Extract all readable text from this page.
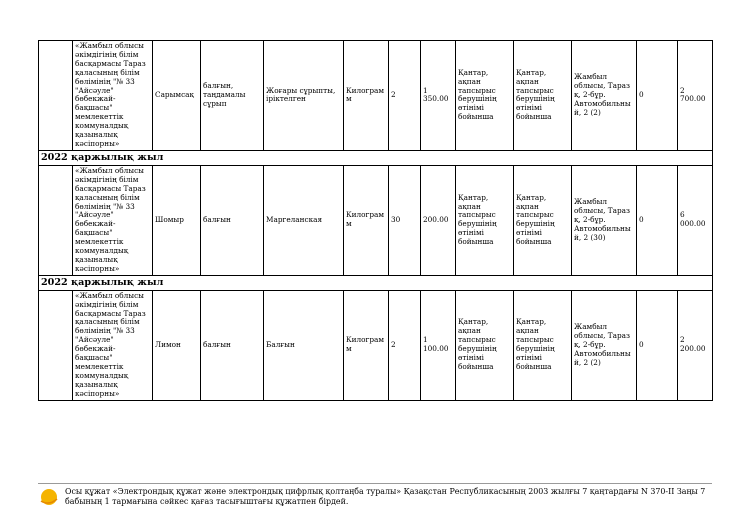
	«Жамбыл облысы әкімдігінің білім басқармасы Тараз қаласының білім бөлімінің "№ 33 "Айсәуле" бөбекжай-бақшасы" мемлекеттік коммуналдық қазыналық кәсіпорны»	Сарымсақ	балғын, таңдамалы сұрып	Жоғары сұрыпты, іріктелген	Килограмм	2	1 350.00	Қантар, ақпан тапсырыс берушінің өтінімі бойынша	Қантар, ақпан тапсырыс берушінің өтінімі бойынша	Жамбыл облысы, Тараз қ, 2-бұр. Автомобильный, 2 (2)	0	2 700.00
2022 қаржылық жыл												
	«Жамбыл облысы әкімдігінің білім басқармасы Тараз қаласының білім бөлімінің "№ 33 "Айсәуле" бөбекжай-бақшасы" мемлекеттік коммуналдық қазыналық кәсіпорны»	Шомыр	балғын	Маргеланская	Килограмм	30	200.00	Қантар, ақпан тапсырыс берушінің өтінімі бойынша	Қантар, ақпан тапсырыс берушінің өтінімі бойынша	Жамбыл облысы, Тараз қ, 2-бұр. Автомобильный, 2 (30)	0	6 000.00
2022 қаржылық жыл												
	«Жамбыл облысы әкімдігінің білім басқармасы Тараз қаласының білім бөлімінің "№ 33 "Айсәуле" бөбекжай-бақшасы" мемлекеттік коммуналдық қазыналық кәсіпорны»	Лимон	балғын	Балғын	Килограмм	2	1 100.00	Қантар, ақпан тапсырыс берушінің өтінімі бойынша	Қантар, ақпан тапсырыс берушінің өтінімі бойынша	Жамбыл облысы, Тараз қ, 2-бұр. Автомобильный, 2 (2)	0	2 200.00
Осы құжат «Электрондық құжат және электрондық цифрлық қолтаңба туралы» Қазақстан Республикасының 2003 жылғы 7 қаңтардағы N 370-II Заңы 7 бабының 1 тармағына сәйкес қағаз тасығыштағы құжатпен бірдей.
